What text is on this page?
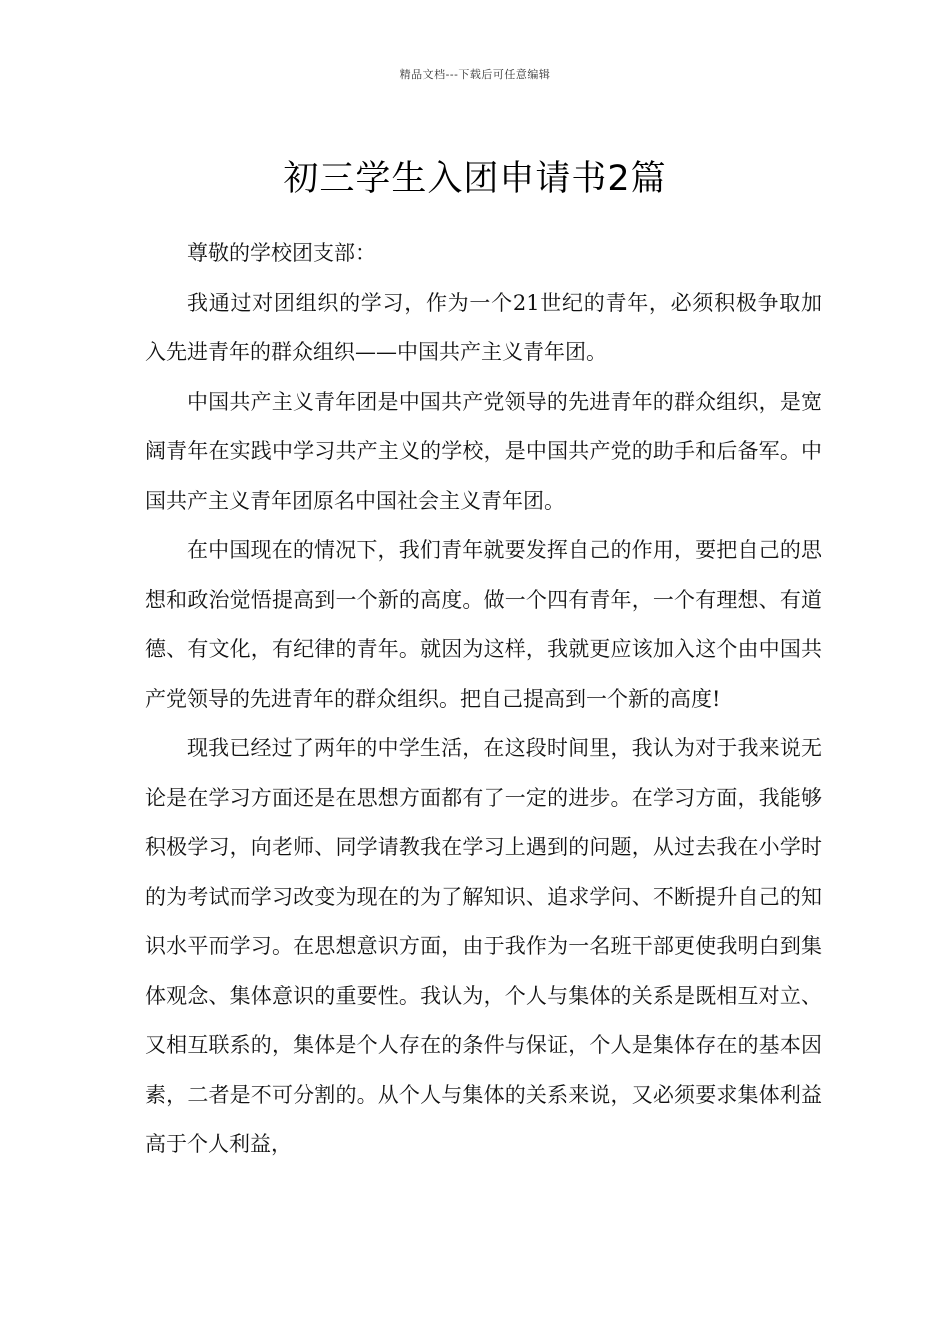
精品文档---下载后可任意编辑
初三学生入团申请书2篇

尊敬的学校团支部：

我通过对团组织的学习，作为一个21世纪的青年，必须积极争取加入先进青年的群众组织——中国共产主义青年团。

中国共产主义青年团是中国共产党领导的先进青年的群众组织，是宽阔青年在实践中学习共产主义的学校，是中国共产党的助手和后备军。中国共产主义青年团原名中国社会主义青年团。

在中国现在的情况下，我们青年就要发挥自己的作用，要把自己的思想和政治觉悟提高到一个新的高度。做一个四有青年，一个有理想、有道德、有文化，有纪律的青年。就因为这样，我就更应该加入这个由中国共产党领导的先进青年的群众组织。把自己提高到一个新的高度!

现我已经过了两年的中学生活，在这段时间里，我认为对于我来说无论是在学习方面还是在思想方面都有了一定的进步。在学习方面，我能够积极学习，向老师、同学请教我在学习上遇到的问题，从过去我在小学时的为考试而学习改变为现在的为了解知识、追求学问、不断提升自己的知识水平而学习。在思想意识方面，由于我作为一名班干部更使我明白到集体观念、集体意识的重要性。我认为，个人与集体的关系是既相互对立、又相互联系的，集体是个人存在的条件与保证，个人是集体存在的基本因素，二者是不可分割的。从个人与集体的关系来说，又必须要求集体利益高于个人利益，
